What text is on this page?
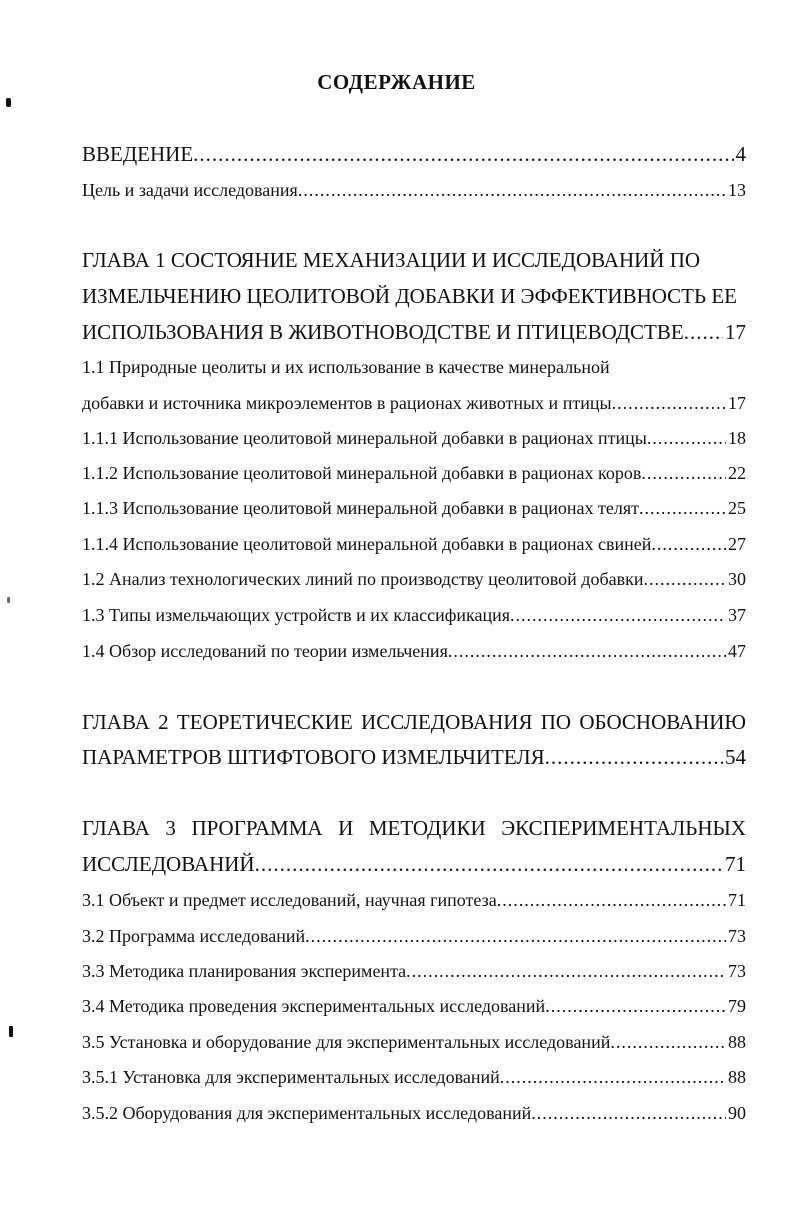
СОДЕРЖАНИЕ
ВВЕДЕНИЕ .....	4
Цель и задачи исследования .....	13
ГЛАВА 1 СОСТОЯНИЕ МЕХАНИЗАЦИИ И ИССЛЕДОВАНИЙ ПО
ИЗМЕЛЬЧЕНИЮ ЦЕОЛИТОВОЙ ДОБАВКИ И ЭФФЕКТИВНОСТЬ ЕЕ
ИСПОЛЬЗОВАНИЯ В ЖИВОТНОВОДСТВЕ И ПТИЦЕВОДСТВЕ ..... 17
1.1 Природные цеолиты и их использование в качестве минеральной
добавки и источника микроэлементов в рационах животных и птицы .....	17
1.1.1 Использование цеолитовой минеральной добавки в рационах птицы .....	18
1.1.2 Использование цеолитовой минеральной добавки в рационах коров .....	22
1.1.3 Использование цеолитовой минеральной добавки в рационах телят .....	25
1.1.4 Использование цеолитовой минеральной добавки в рационах свиней .....	27
1.2 Анализ технологических линий по производству цеолитовой добавки .....	30
1.3 Типы измельчающих устройств и их классификация .....	37
1.4 Обзор исследований по теории измельчения .....	47
ГЛАВА 2 ТЕОРЕТИЧЕСКИЕ ИССЛЕДОВАНИЯ ПО ОБОСНОВАНИЮ
ПАРАМЕТРОВ ШТИФТОВОГО ИЗМЕЛЬЧИТЕЛЯ .....	54
ГЛАВА 3 ПРОГРАММА И МЕТОДИКИ ЭКСПЕРИМЕНТАЛЬНЫХ
ИССЛЕДОВАНИЙ .....	71
3.1 Объект и предмет исследований, научная гипотеза .....	71
3.2 Программа исследований .....	73
3.3 Методика планирования эксперимента .....	73
3.4 Методика проведения экспериментальных исследований .....	79
3.5 Установка и оборудование для экспериментальных исследований .....	88
3.5.1 Установка для экспериментальных исследований .....	88
3.5.2 Оборудования для экспериментальных исследований .....	90
